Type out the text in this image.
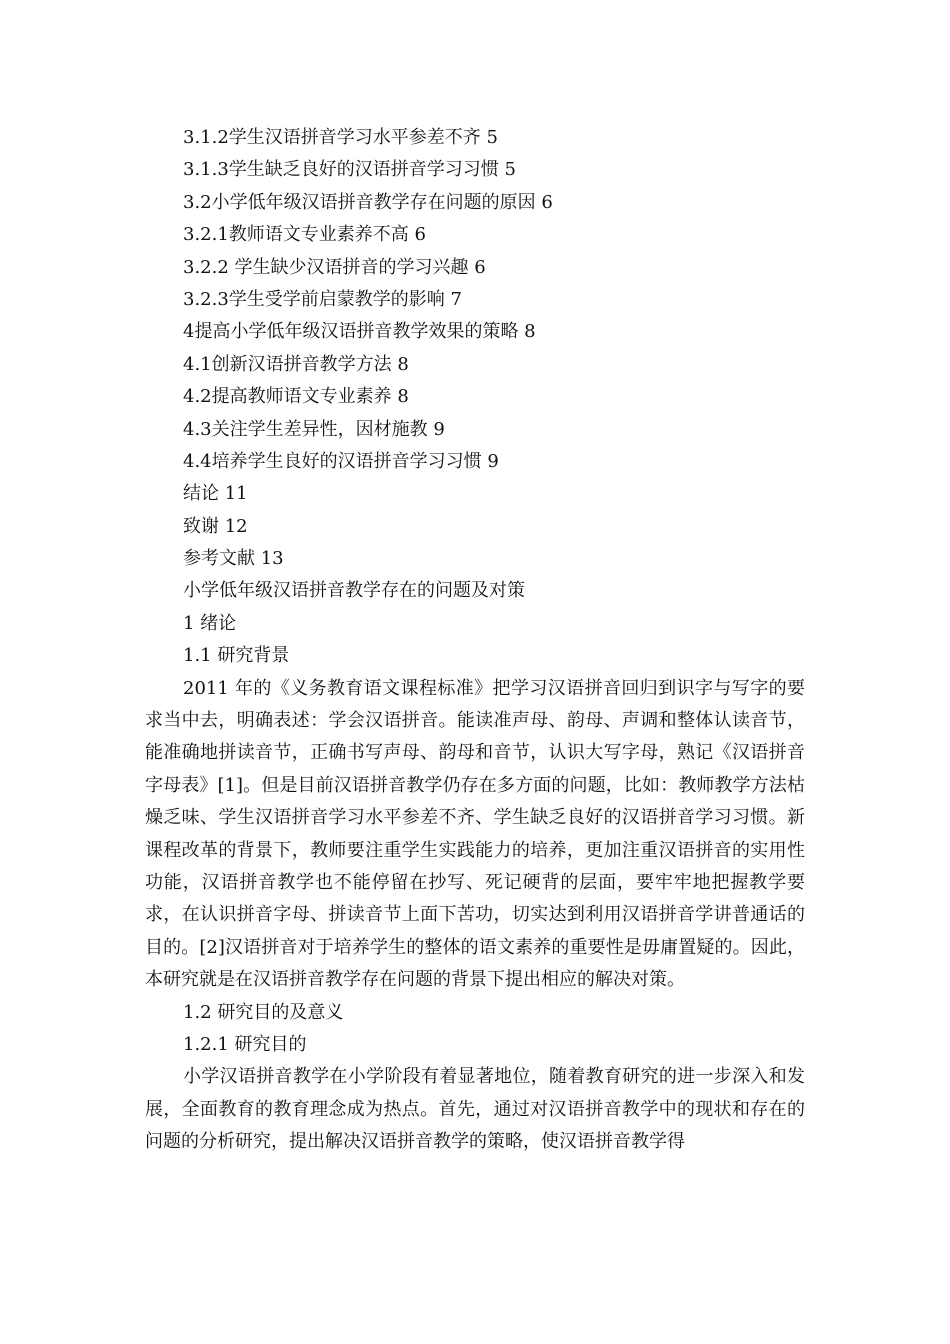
3.1.2学生汉语拼音学习水平参差不齐 5
3.1.3学生缺乏良好的汉语拼音学习习惯 5
3.2小学低年级汉语拼音教学存在问题的原因 6
3.2.1教师语文专业素养不高 6
3.2.2 学生缺少汉语拼音的学习兴趣 6
3.2.3学生受学前启蒙教学的影响 7
4提高小学低年级汉语拼音教学效果的策略 8
4.1创新汉语拼音教学方法 8
4.2提高教师语文专业素养 8
4.3关注学生差异性，因材施教 9
4.4培养学生良好的汉语拼音学习习惯 9
结论 11
致谢 12
参考文献 13
小学低年级汉语拼音教学存在的问题及对策
1 绪论
1.1 研究背景

2011 年的《义务教育语文课程标准》把学习汉语拼音回归到识字与写字的要求当中去，明确表述：学会汉语拼音。能读准声母、韵母、声调和整体认读音节，能准确地拼读音节，正确书写声母、韵母和音节，认识大写字母，熟记《汉语拼音字母表》[1]。但是目前汉语拼音教学仍存在多方面的问题，比如：教师教学方法枯燥乏味、学生汉语拼音学习水平参差不齐、学生缺乏良好的汉语拼音学习习惯。新课程改革的背景下，教师要注重学生实践能力的培养，更加注重汉语拼音的实用性功能，汉语拼音教学也不能停留在抄写、死记硬背的层面，要牢牢地把握教学要求，在认识拼音字母、拼读音节上面下苦功，切实达到利用汉语拼音学讲普通话的目的。[2]汉语拼音对于培养学生的整体的语文素养的重要性是毋庸置疑的。因此，本研究就是在汉语拼音教学存在问题的背景下提出相应的解决对策。

1.2 研究目的及意义
1.2.1 研究目的

小学汉语拼音教学在小学阶段有着显著地位，随着教育研究的进一步深入和发展，全面教育的教育理念成为热点。首先，通过对汉语拼音教学中的现状和存在的问题的分析研究，提出解决汉语拼音教学的策略，使汉语拼音教学得
